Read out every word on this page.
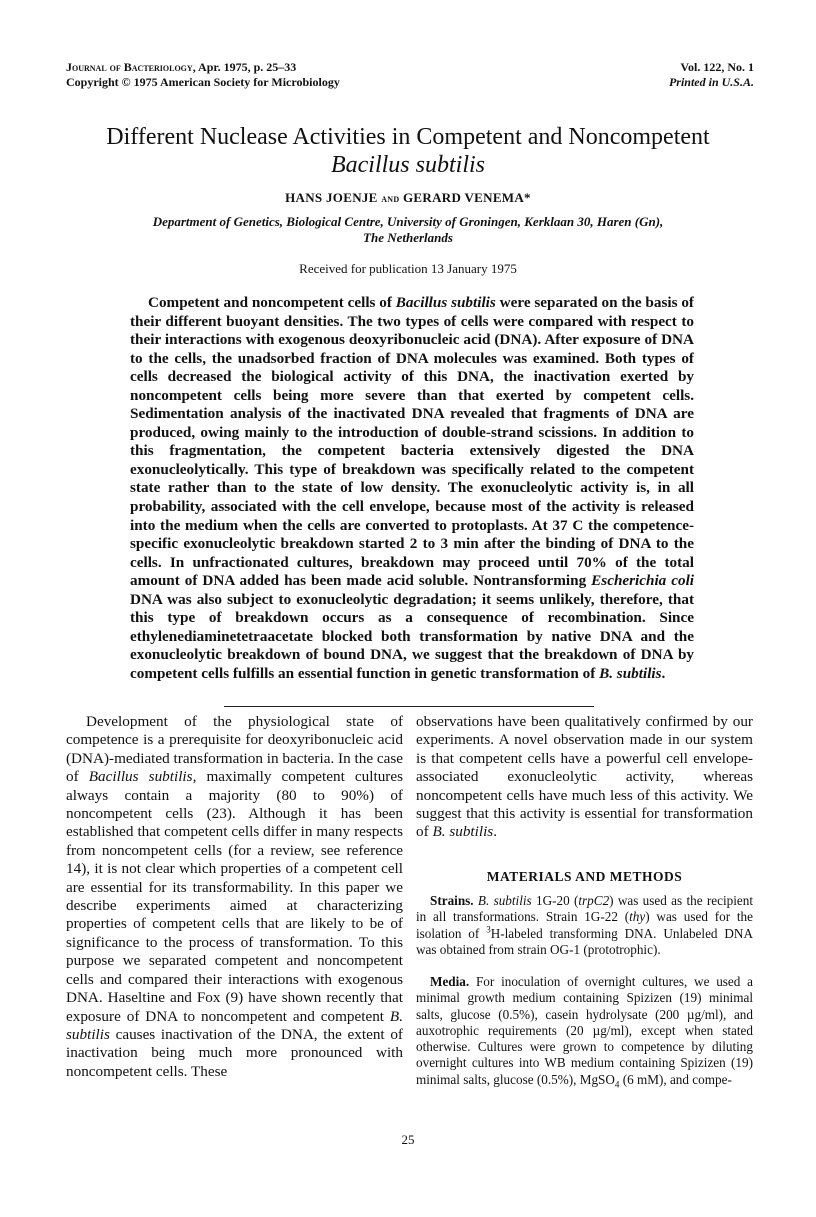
Journal of Bacteriology, Apr. 1975, p. 25–33
Copyright © 1975 American Society for Microbiology
Vol. 122, No. 1
Printed in U.S.A.
Different Nuclease Activities in Competent and Noncompetent
Bacillus subtilis
HANS JOENJE and GERARD VENEMA*
Department of Genetics, Biological Centre, University of Groningen, Kerklaan 30, Haren (Gn),
The Netherlands
Received for publication 13 January 1975

Competent and noncompetent cells of Bacillus subtilis were separated on the basis of their different buoyant densities. The two types of cells were compared with respect to their interactions with exogenous deoxyribonucleic acid (DNA). After exposure of DNA to the cells, the unadsorbed fraction of DNA molecules was examined. Both types of cells decreased the biological activity of this DNA, the inactivation exerted by noncompetent cells being more severe than that exerted by competent cells. Sedimentation analysis of the inactivated DNA revealed that fragments of DNA are produced, owing mainly to the introduction of double-strand scissions. In addition to this fragmentation, the competent bacteria extensively digested the DNA exonucleolytically. This type of breakdown was specifically related to the competent state rather than to the state of low density. The exonucleolytic activity is, in all probability, associated with the cell envelope, because most of the activity is released into the medium when the cells are converted to protoplasts. At 37 C the competence-specific exonucleolytic breakdown started 2 to 3 min after the binding of DNA to the cells. In unfractionated cultures, breakdown may proceed until 70% of the total amount of DNA added has been made acid soluble. Nontransforming Escherichia coli DNA was also subject to exonucleolytic degradation; it seems unlikely, therefore, that this type of breakdown occurs as a consequence of recombination. Since ethylenediaminetetraacetate blocked both transformation by native DNA and the exonucleolytic breakdown of bound DNA, we suggest that the breakdown of DNA by competent cells fulfills an essential function in genetic transformation of B. subtilis.

Development of the physiological state of competence is a prerequisite for deoxyribonucleic acid (DNA)-mediated transformation in bacteria. In the case of Bacillus subtilis, maximally competent cultures always contain a majority (80 to 90%) of noncompetent cells (23). Although it has been established that competent cells differ in many respects from noncompetent cells (for a review, see reference 14), it is not clear which properties of a competent cell are essential for its transformability. In this paper we describe experiments aimed at characterizing properties of competent cells that are likely to be of significance to the process of transformation. To this purpose we separated competent and noncompetent cells and compared their interactions with exogenous DNA. Haseltine and Fox (9) have shown recently that exposure of DNA to noncompetent and competent B. subtilis causes inactivation of the DNA, the extent of inactivation being much more pronounced with noncompetent cells. These

observations have been qualitatively confirmed by our experiments. A novel observation made in our system is that competent cells have a powerful cell envelope-associated exonucleolytic activity, whereas noncompetent cells have much less of this activity. We suggest that this activity is essential for transformation of B. subtilis.

MATERIALS AND METHODS

Strains. B. subtilis 1G-20 (trpC2) was used as the recipient in all transformations. Strain 1G-22 (thy) was used for the isolation of $^3$H-labeled transforming DNA. Unlabeled DNA was obtained from strain OG-1 (prototrophic).

Media. For inoculation of overnight cultures, we used a minimal growth medium containing Spizizen (19) minimal salts, glucose (0.5%), casein hydrolysate (200 µg/ml), and auxotrophic requirements (20 µg/ml), except when stated otherwise. Cultures were grown to competence by diluting overnight cultures into WB medium containing Spizizen (19) minimal salts, glucose (0.5%), MgSO$_4$ (6 mM), and compe-

25
